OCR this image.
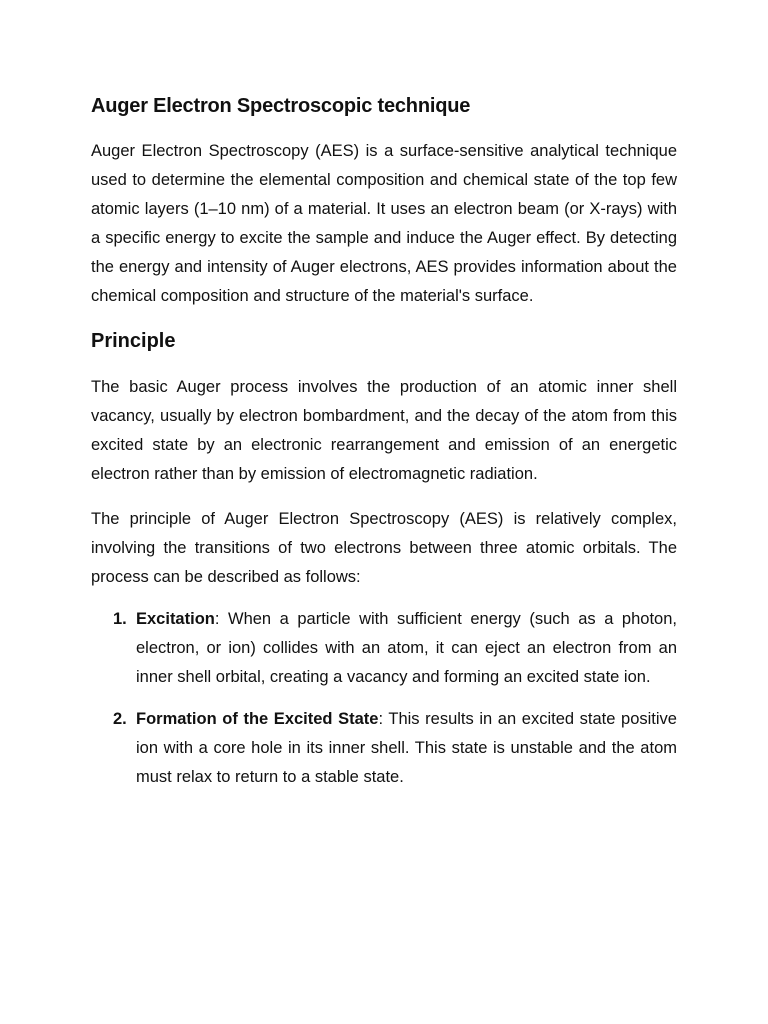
Auger Electron Spectroscopic technique

Auger Electron Spectroscopy (AES) is a surface-sensitive analytical technique used to determine the elemental composition and chemical state of the top few atomic layers (1–10 nm) of a material. It uses an electron beam (or X-rays) with a specific energy to excite the sample and induce the Auger effect. By detecting the energy and intensity of Auger electrons, AES provides information about the chemical composition and structure of the material's surface.

Principle

The basic Auger process involves the production of an atomic inner shell vacancy, usually by electron bombardment, and the decay of the atom from this excited state by an electronic rearrangement and emission of an energetic electron rather than by emission of electromagnetic radiation.

The principle of Auger Electron Spectroscopy (AES) is relatively complex, involving the transitions of two electrons between three atomic orbitals. The process can be described as follows:

1. Excitation: When a particle with sufficient energy (such as a photon, electron, or ion) collides with an atom, it can eject an electron from an inner shell orbital, creating a vacancy and forming an excited state ion.
2. Formation of the Excited State: This results in an excited state positive ion with a core hole in its inner shell. This state is unstable and the atom must relax to return to a stable state.
